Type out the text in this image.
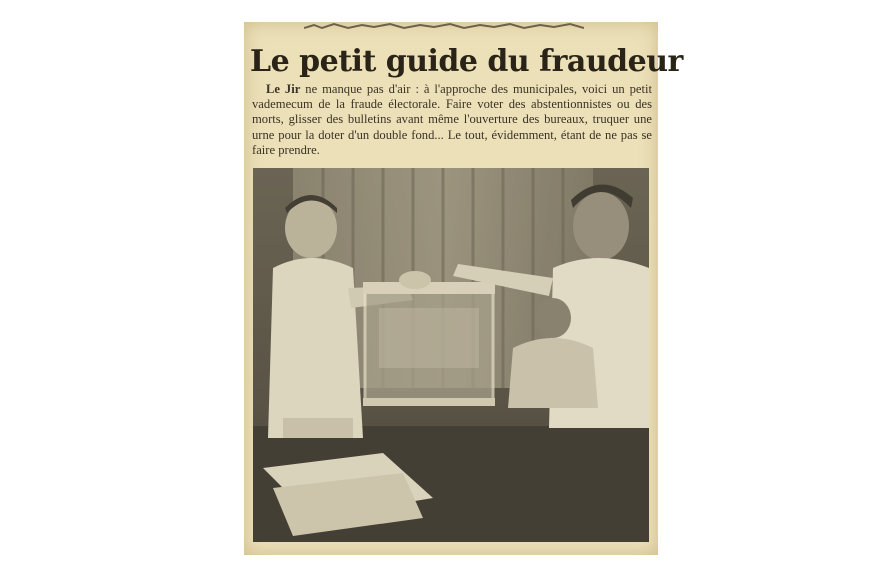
Le petit guide du fraudeur

Le Jir ne manque pas d'air : à l'approche des municipales, voici un petit vademecum de la fraude électorale. Faire voter des abstentionnistes ou des morts, glisser des bulletins avant même l'ouverture des bureaux, truquer une urne pour la doter d'un double fond... Le tout, évidemment, étant de ne pas se faire prendre.
